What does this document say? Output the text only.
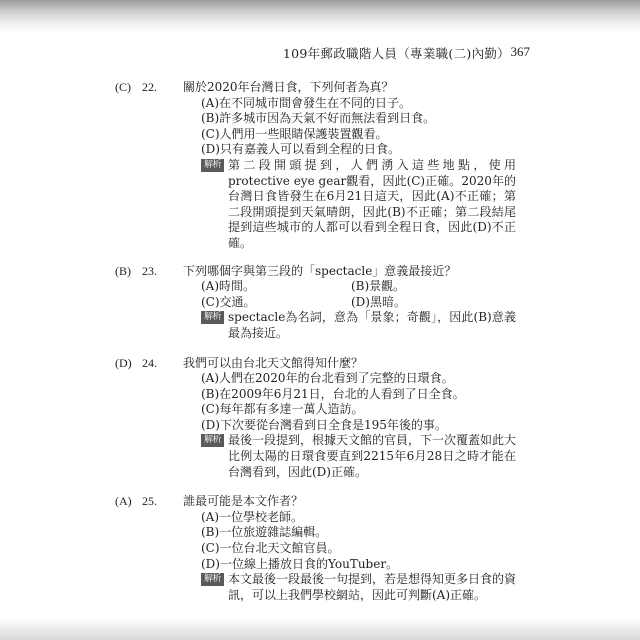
109年郵政職階人員（專業職(二)內勤） 367
(C) 22. 關於2020年台灣日食，下列何者為真？
(A)在不同城市間會發生在不同的日子。
(B)許多城市因為天氣不好而無法看到日食。
(C)人們用一些眼睛保護裝置觀看。
(D)只有嘉義人可以看到全程的日食。
解析 第二段開頭提到，人們湧入這些地點，使用protective eye gear觀看，因此(C)正確。2020年的台灣日食皆發生在6月21日這天，因此(A)不正確；第二段開頭提到天氣晴朗，因此(B)不正確；第二段結尾提到這些城市的人都可以看到全程日食，因此(D)不正確。
(B) 23. 下列哪個字與第三段的「spectacle」意義最接近？
(A)時間。	(B)景觀。
(C)交通。	(D)黑暗。
解析 spectacle為名詞，意為「景象；奇觀」，因此(B)意義最為接近。
(D) 24. 我們可以由台北天文館得知什麼？
(A)人們在2020年的台北看到了完整的日環食。
(B)在2009年6月21日，台北的人看到了日全食。
(C)每年都有多達一萬人造訪。
(D)下次要從台灣看到日全食是195年後的事。
解析 最後一段提到，根據天文館的官員，下一次覆蓋如此大比例太陽的日環食要直到2215年6月28日之時才能在台灣看到，因此(D)正確。
(A) 25. 誰最可能是本文作者？
(A)一位學校老師。
(B)一位旅遊雜誌編輯。
(C)一位台北天文館官員。
(D)一位線上播放日食的YouTuber。
解析 本文最後一段最後一句提到，若是想得知更多日食的資訊，可以上我們學校網站，因此可判斷(A)正確。
